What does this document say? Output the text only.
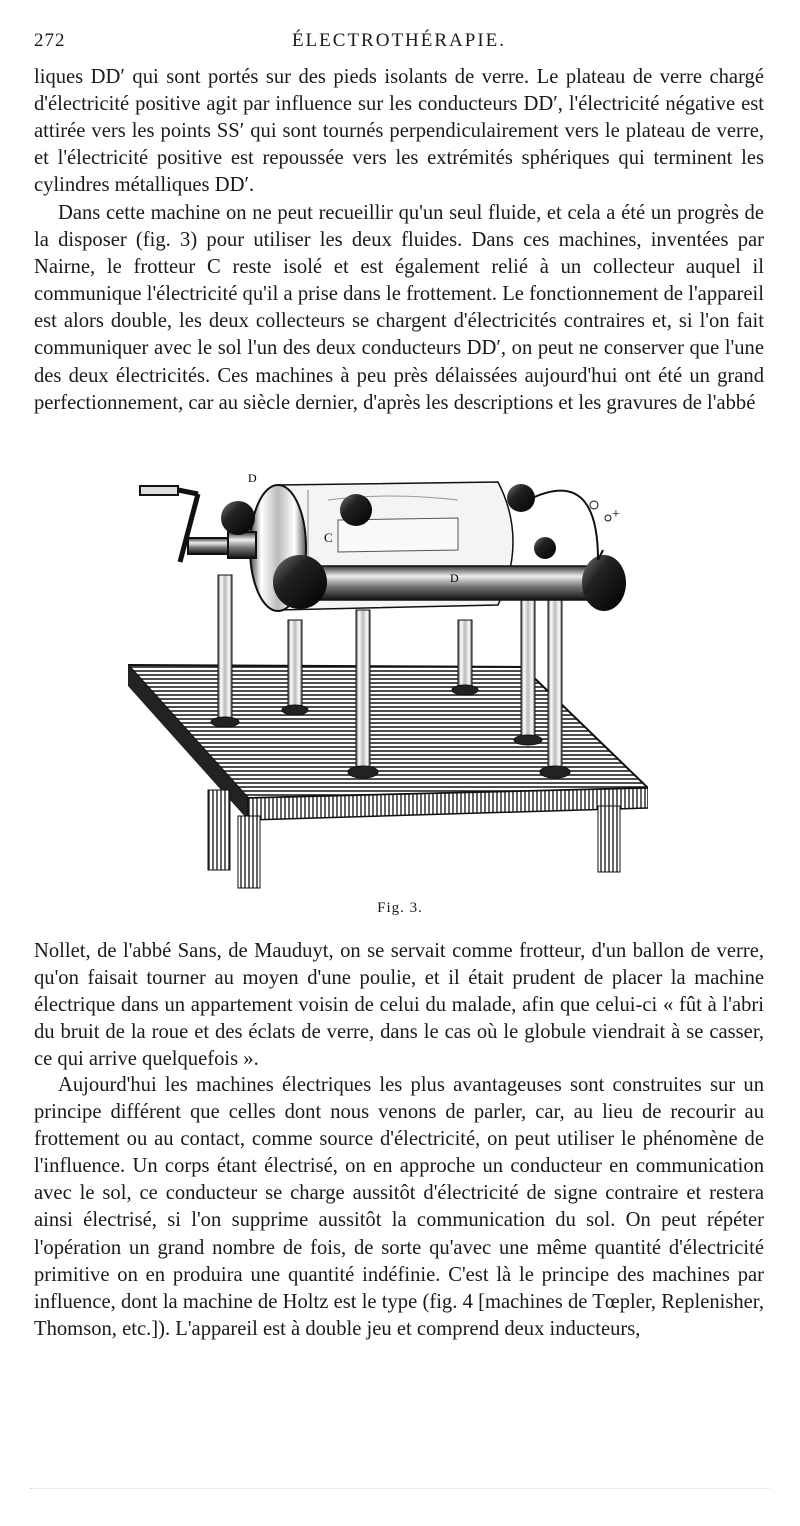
272	ÉLECTROTHÉRAPIE.

liques DD′ qui sont portés sur des pieds isolants de verre. Le plateau de verre chargé d'électricité positive agit par influence sur les conducteurs DD′, l'électricité négative est attirée vers les points SS′ qui sont tournés perpendiculairement vers le plateau de verre, et l'électricité positive est repoussée vers les extrémités sphériques qui terminent les cylindres métalliques DD′.

Dans cette machine on ne peut recueillir qu'un seul fluide, et cela a été un progrès de la disposer (fig. 3) pour utiliser les deux fluides. Dans ces machines, inventées par Nairne, le frotteur C reste isolé et est également relié à un collecteur auquel il communique l'électricité qu'il a prise dans le frottement. Le fonctionnement de l'appareil est alors double, les deux collecteurs se chargent d'électricités contraires et, si l'on fait communiquer avec le sol l'un des deux conducteurs DD′, on peut ne conserver que l'une des deux électricités. Ces machines à peu près délaissées aujourd'hui ont été un grand perfectionnement, car au siècle dernier, d'après les descriptions et les gravures de l'abbé

D
C
D
+
Fig. 3.

Nollet, de l'abbé Sans, de Mauduyt, on se servait comme frotteur, d'un ballon de verre, qu'on faisait tourner au moyen d'une poulie, et il était prudent de placer la machine électrique dans un appartement voisin de celui du malade, afin que celui-ci « fût à l'abri du bruit de la roue et des éclats de verre, dans le cas où le globule viendrait à se casser, ce qui arrive quelquefois ».

Aujourd'hui les machines électriques les plus avantageuses sont construites sur un principe différent que celles dont nous venons de parler, car, au lieu de recourir au frottement ou au contact, comme source d'électricité, on peut utiliser le phénomène de l'influence. Un corps étant électrisé, on en approche un conducteur en communication avec le sol, ce conducteur se charge aussitôt d'électricité de signe contraire et restera ainsi électrisé, si l'on supprime aussitôt la communication du sol. On peut répéter l'opération un grand nombre de fois, de sorte qu'avec une même quantité d'électricité primitive on en produira une quantité indéfinie. C'est là le principe des machines par influence, dont la machine de Holtz est le type (fig. 4 [machines de Tœpler, Replenisher, Thomson, etc.]). L'appareil est à double jeu et comprend deux inducteurs,
